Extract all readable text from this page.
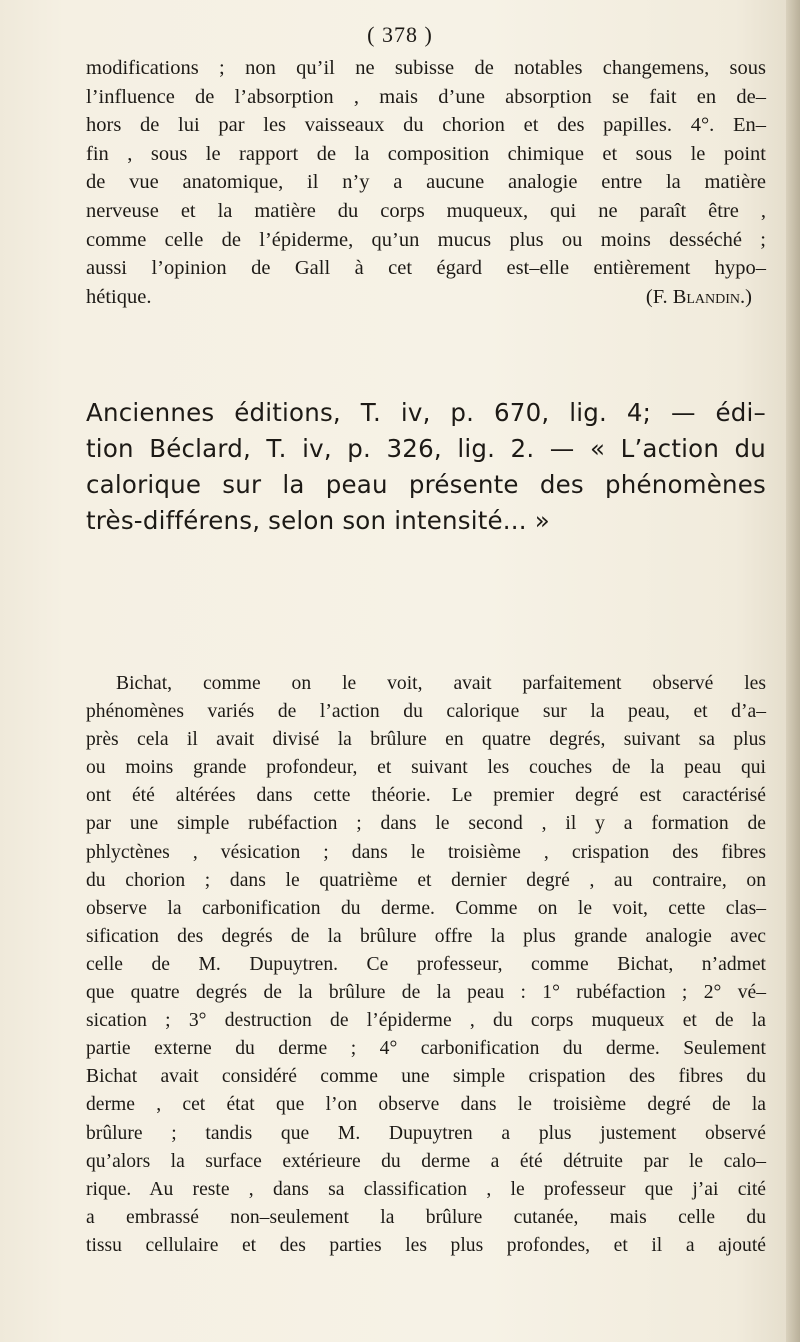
( 378 )
modifications ; non qu’il ne subisse de notables changemens, sous
l’influence de l’absorption , mais d’une absorption se fait en de–
hors de lui par les vaisseaux du chorion et des papilles. 4°. En–
fin , sous le rapport de la composition chimique et sous le point
de vue anatomique, il n’y a aucune analogie entre la matière
nerveuse et la matière du corps muqueux, qui ne paraît être ,
comme celle de l’épiderme, qu’un mucus plus ou moins desséché ;
aussi l’opinion de Gall à cet égard est–elle entièrement hypo–
hétique.	(F. Blandin.)
Anciennes éditions, T. iv, p. 670, lig. 4; — édi–
tion Béclard, T. iv, p. 326, lig. 2. — « L’action du
calorique sur la peau présente des phénomènes
très-différens, selon son intensité... »
Bichat, comme on le voit, avait parfaitement observé les
phénomènes variés de l’action du calorique sur la peau, et d’a–
près cela il avait divisé la brûlure en quatre degrés, suivant sa plus
ou moins grande profondeur, et suivant les couches de la peau qui
ont été altérées dans cette théorie. Le premier degré est caractérisé
par une simple rubéfaction ; dans le second , il y a formation de
phlyctènes , vésication ; dans le troisième , crispation des fibres
du chorion ; dans le quatrième et dernier degré , au contraire, on
observe la carbonification du derme. Comme on le voit, cette clas–
sification des degrés de la brûlure offre la plus grande analogie avec
celle de M. Dupuytren. Ce professeur, comme Bichat, n’admet
que quatre degrés de la brûlure de la peau : 1° rubéfaction ; 2° vé–
sication ; 3° destruction de l’épiderme , du corps muqueux et de la
partie externe du derme ; 4° carbonification du derme. Seulement
Bichat avait considéré comme une simple crispation des fibres du
derme , cet état que l’on observe dans le troisième degré de la
brûlure ; tandis que M. Dupuytren a plus justement observé
qu’alors la surface extérieure du derme a été détruite par le calo–
rique. Au reste , dans sa classification , le professeur que j’ai cité
a embrassé non–seulement la brûlure cutanée, mais celle du
tissu cellulaire et des parties les plus profondes, et il a ajouté
